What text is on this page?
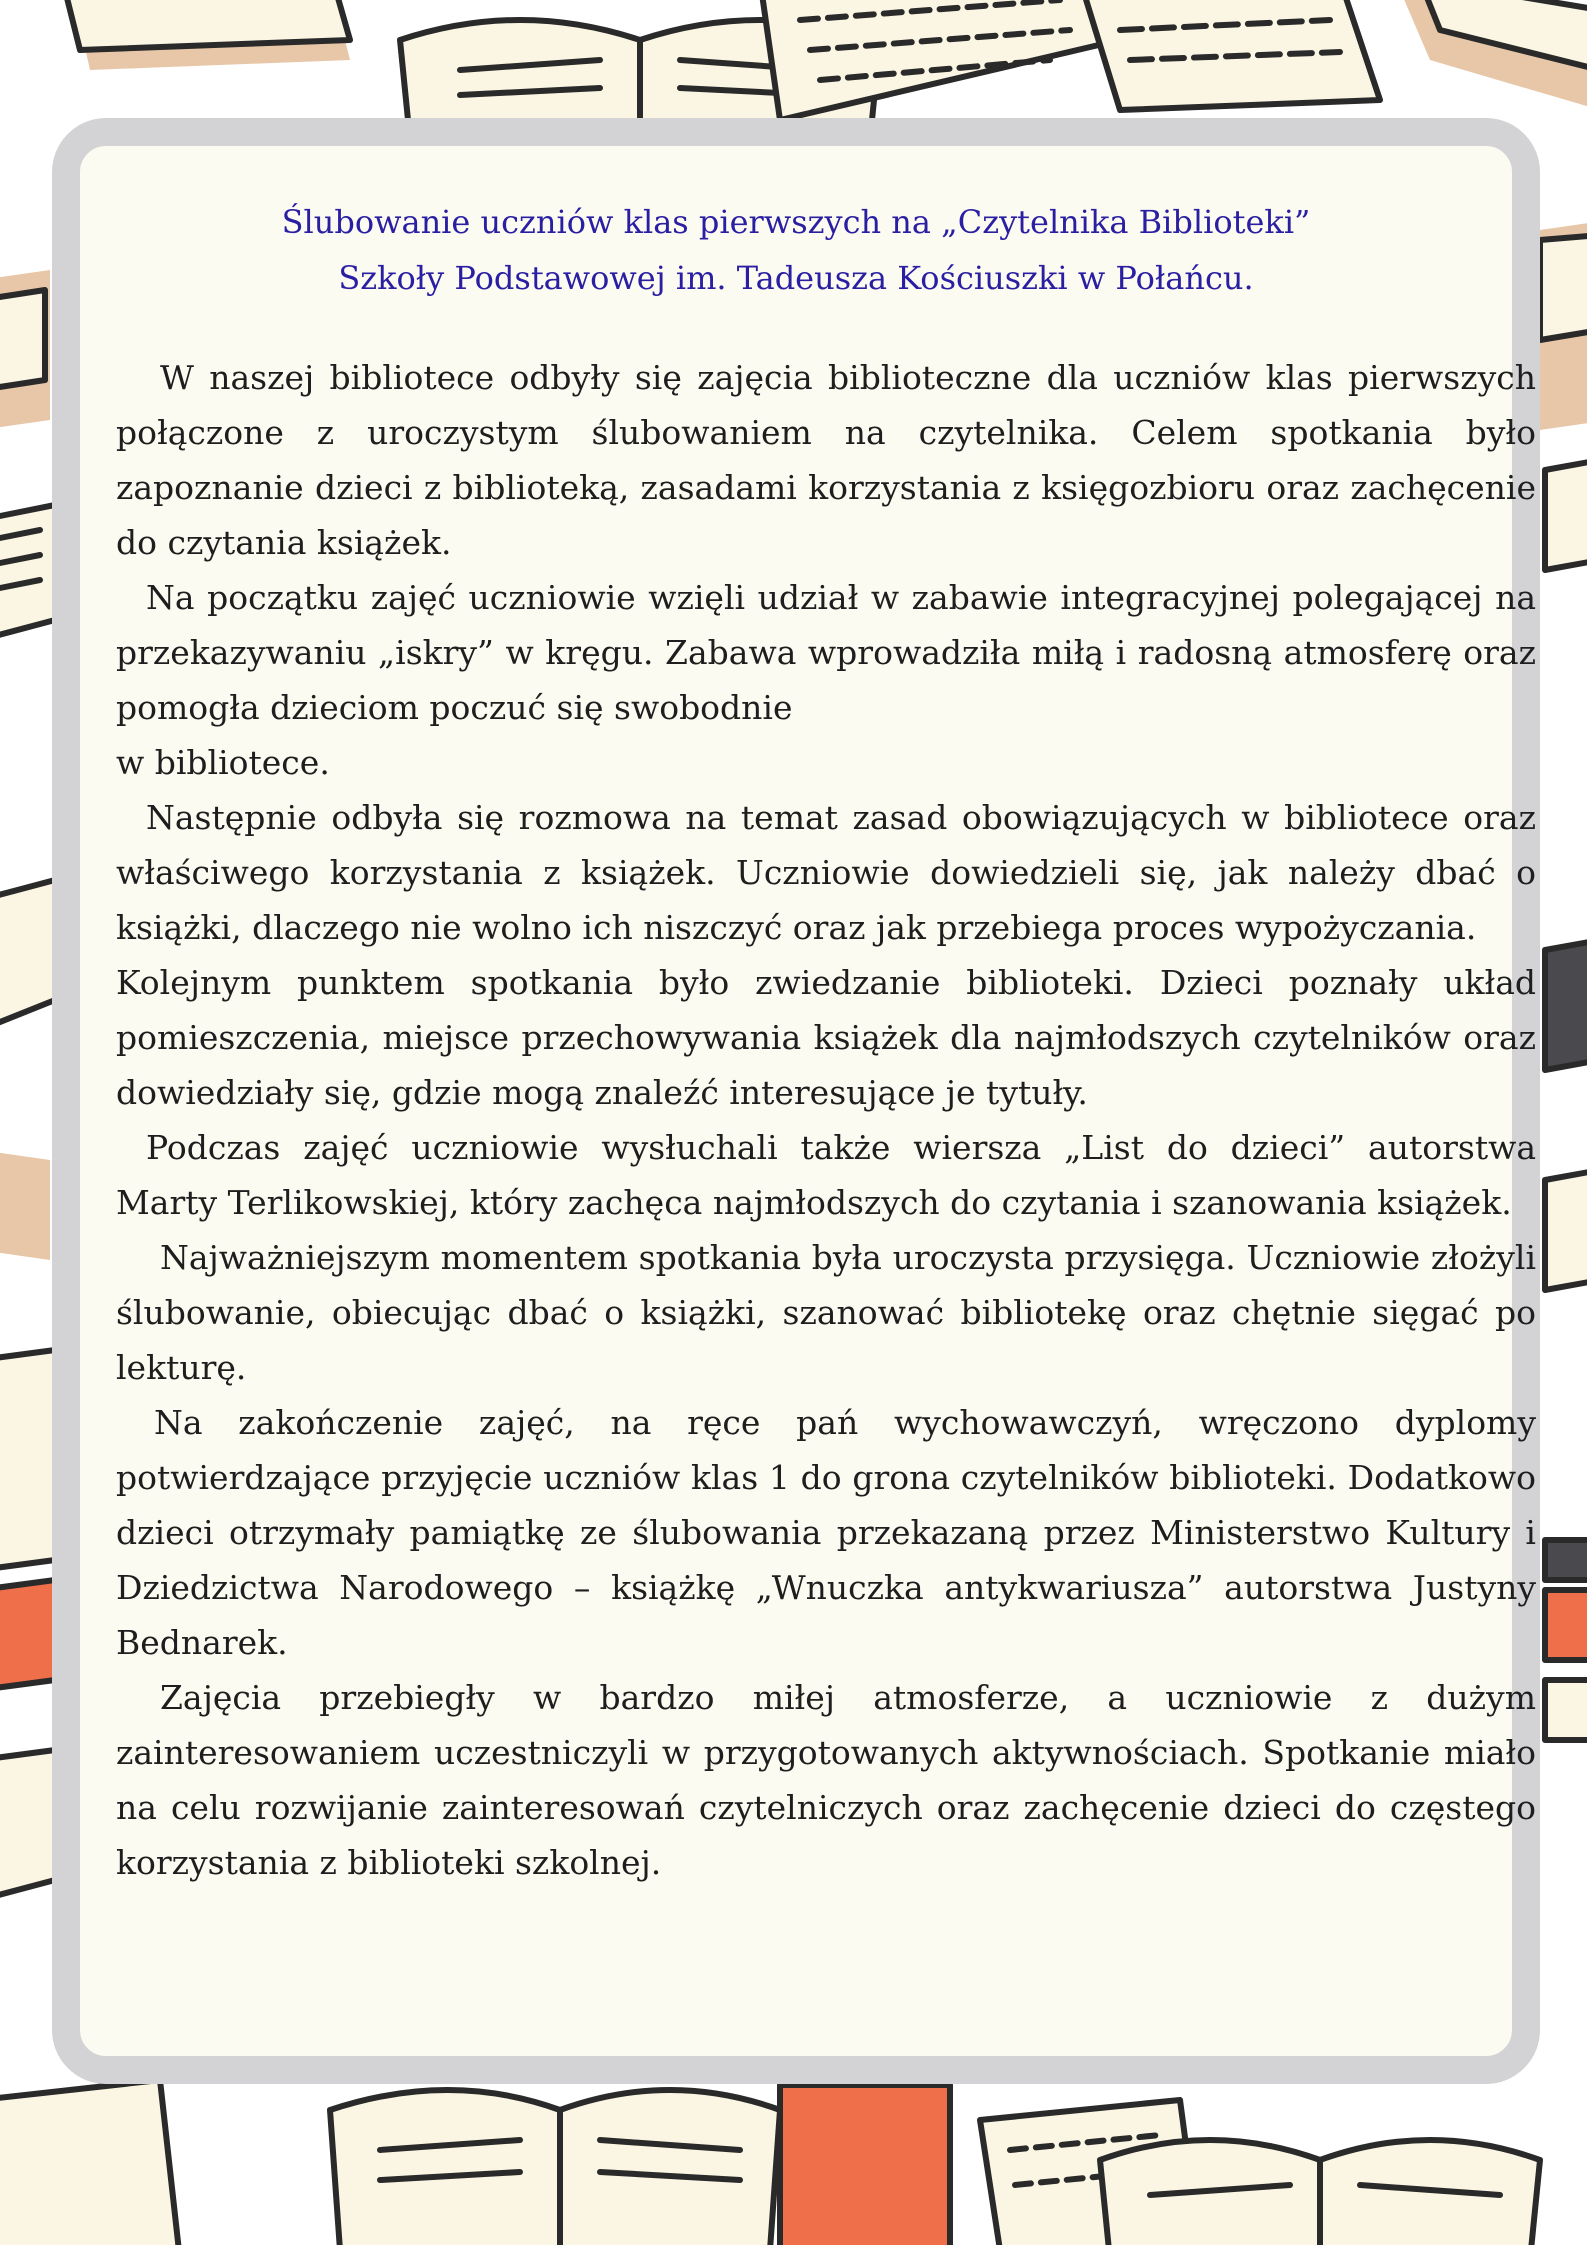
Ślubowanie uczniów klas pierwszych na „Czytelnika Biblioteki”
Szkoły Podstawowej im. Tadeusza Kościuszki w Połańcu.

W naszej bibliotece odbyły się zajęcia biblioteczne dla uczniów klas pierwszych połączone z uroczystym ślubowaniem na czytelnika. Celem spotkania było zapoznanie dzieci z biblioteką, zasadami korzystania z księgozbioru oraz zachęcenie do czytania książek.

Na początku zajęć uczniowie wzięli udział w zabawie integracyjnej polegającej na przekazywaniu „iskry” w kręgu. Zabawa wprowadziła miłą i radosną atmosferę oraz pomogła dzieciom poczuć się swobodnie

w bibliotece.

Następnie odbyła się rozmowa na temat zasad obowiązujących w bibliotece oraz właściwego korzystania z książek. Uczniowie dowiedzieli się, jak należy dbać o książki, dlaczego nie wolno ich niszczyć oraz jak przebiega proces wypożyczania.

Kolejnym punktem spotkania było zwiedzanie biblioteki. Dzieci poznały układ pomieszczenia, miejsce przechowywania książek dla najmłodszych czytelników oraz dowiedziały się, gdzie mogą znaleźć interesujące je tytuły.

Podczas zajęć uczniowie wysłuchali także wiersza „List do dzieci” autorstwa Marty Terlikowskiej, który zachęca najmłodszych do czytania i szanowania książek.

Najważniejszym momentem spotkania była uroczysta przysięga. Uczniowie złożyli ślubowanie, obiecując dbać o książki, szanować bibliotekę oraz chętnie sięgać po lekturę.

Na zakończenie zajęć, na ręce pań wychowawczyń, wręczono dyplomy potwierdzające przyjęcie uczniów klas 1 do grona czytelników biblioteki. Dodatkowo dzieci otrzymały pamiątkę ze ślubowania przekazaną przez Ministerstwo Kultury i Dziedzictwa Narodowego – książkę „Wnuczka antykwariusza” autorstwa Justyny Bednarek.

Zajęcia przebiegły w bardzo miłej atmosferze, a uczniowie z dużym zainteresowaniem uczestniczyli w przygotowanych aktywnościach. Spotkanie miało na celu rozwijanie zainteresowań czytelniczych oraz zachęcenie dzieci do częstego korzystania z biblioteki szkolnej.
